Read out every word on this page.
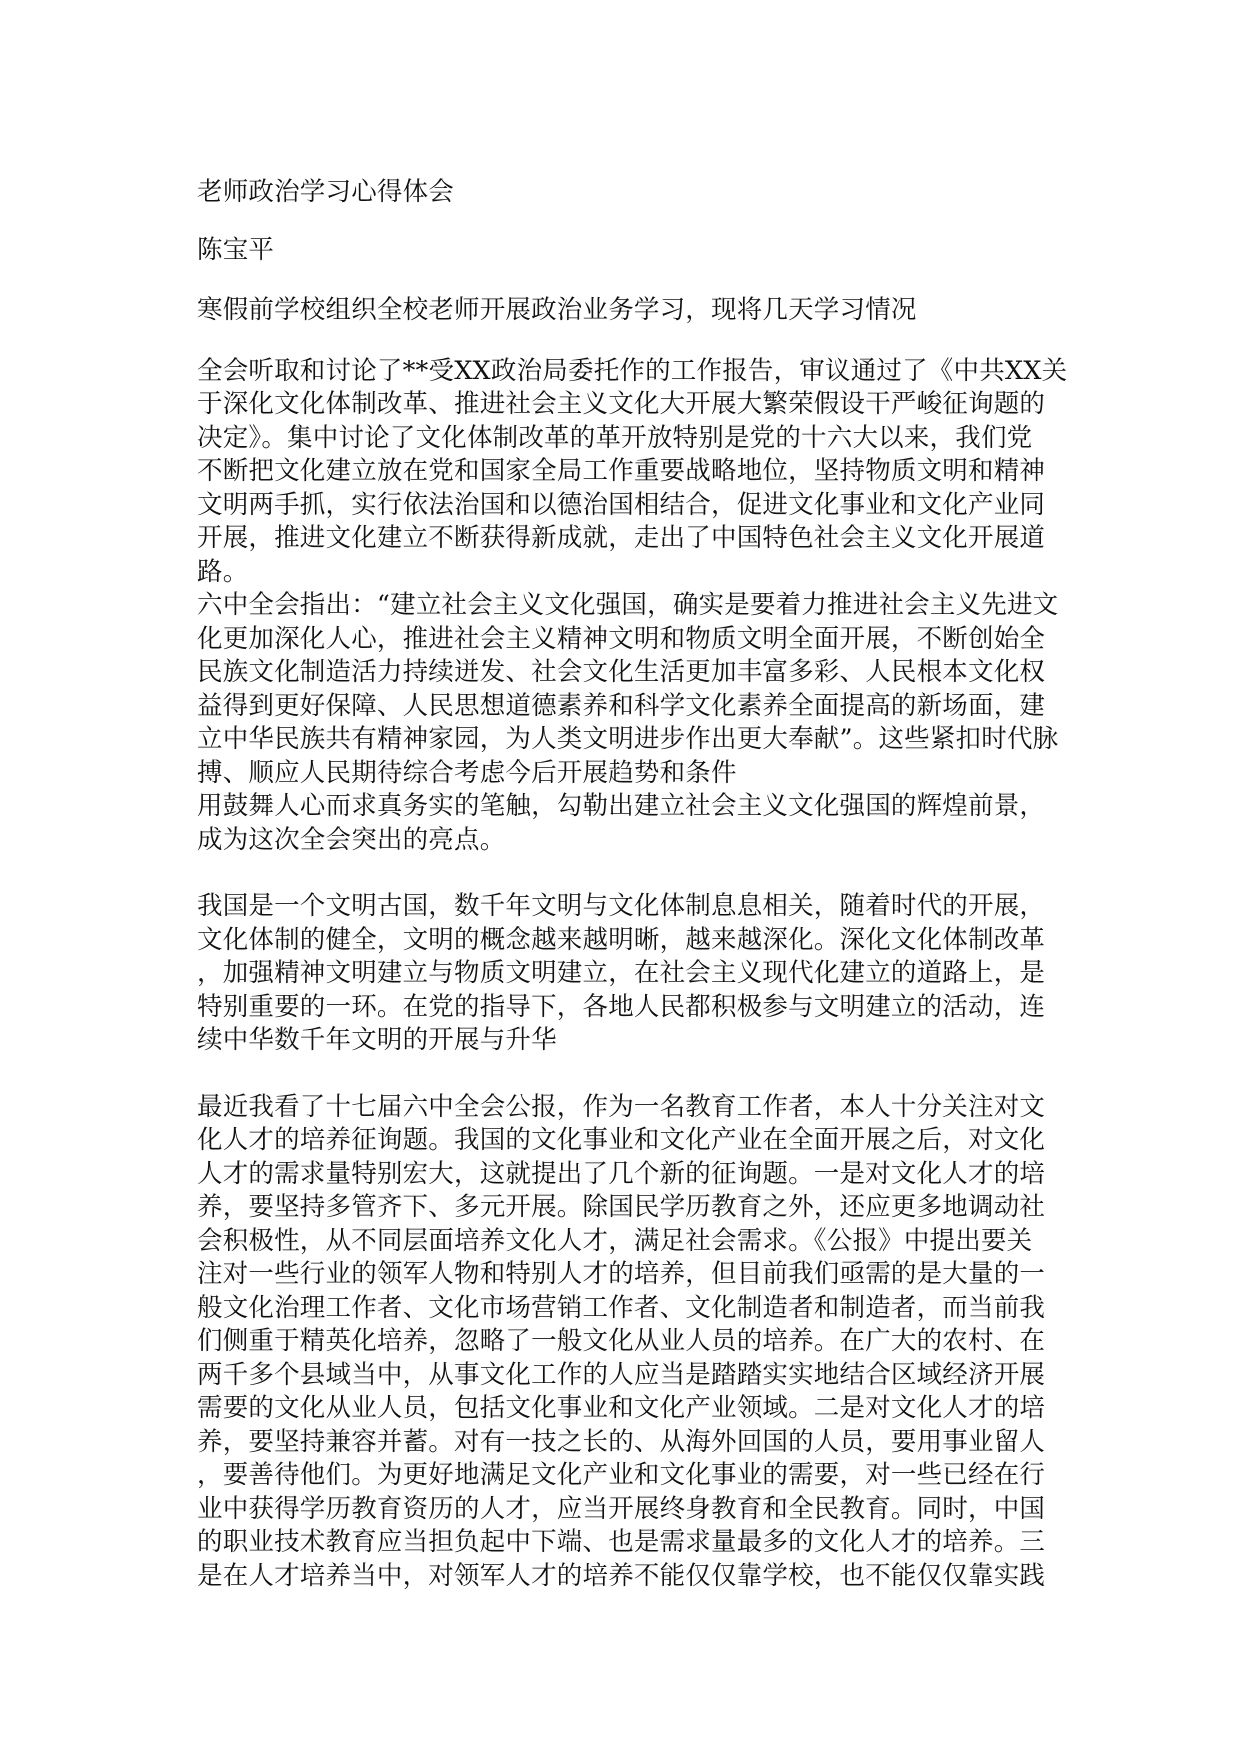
老师政治学习心得体会
陈宝平
寒假前学校组织全校老师开展政治业务学习，现将几天学习情况
全会听取和讨论了**受XX政治局委托作的工作报告，审议通过了《中共XX关
于深化文化体制改革、推进社会主义文化大开展大繁荣假设干严峻征询题的
决定》。集中讨论了文化体制改革的革开放特别是党的十六大以来，我们党
不断把文化建立放在党和国家全局工作重要战略地位，坚持物质文明和精神
文明两手抓，实行依法治国和以德治国相结合，促进文化事业和文化产业同
开展，推进文化建立不断获得新成就，走出了中国特色社会主义文化开展道
路。
六中全会指出：“建立社会主义文化强国，确实是要着力推进社会主义先进文
化更加深化人心，推进社会主义精神文明和物质文明全面开展，不断创始全
民族文化制造活力持续迸发、社会文化生活更加丰富多彩、人民根本文化权
益得到更好保障、人民思想道德素养和科学文化素养全面提高的新场面，建
立中华民族共有精神家园，为人类文明进步作出更大奉献”。这些紧扣时代脉
搏、顺应人民期待综合考虑今后开展趋势和条件
用鼓舞人心而求真务实的笔触，勾勒出建立社会主义文化强国的辉煌前景，
成为这次全会突出的亮点。
我国是一个文明古国，数千年文明与文化体制息息相关，随着时代的开展，
文化体制的健全，文明的概念越来越明晰，越来越深化。深化文化体制改革
，加强精神文明建立与物质文明建立，在社会主义现代化建立的道路上，是
特别重要的一环。在党的指导下，各地人民都积极参与文明建立的活动，连
续中华数千年文明的开展与升华
最近我看了十七届六中全会公报，作为一名教育工作者，本人十分关注对文
化人才的培养征询题。我国的文化事业和文化产业在全面开展之后，对文化
人才的需求量特别宏大，这就提出了几个新的征询题。一是对文化人才的培
养，要坚持多管齐下、多元开展。除国民学历教育之外，还应更多地调动社
会积极性，从不同层面培养文化人才，满足社会需求。《公报》中提出要关
注对一些行业的领军人物和特别人才的培养，但目前我们亟需的是大量的一
般文化治理工作者、文化市场营销工作者、文化制造者和制造者，而当前我
们侧重于精英化培养，忽略了一般文化从业人员的培养。在广大的农村、在
两千多个县域当中，从事文化工作的人应当是踏踏实实地结合区域经济开展
需要的文化从业人员，包括文化事业和文化产业领域。二是对文化人才的培
养，要坚持兼容并蓄。对有一技之长的、从海外回国的人员，要用事业留人
，要善待他们。为更好地满足文化产业和文化事业的需要，对一些已经在行
业中获得学历教育资历的人才，应当开展终身教育和全民教育。同时，中国
的职业技术教育应当担负起中下端、也是需求量最多的文化人才的培养。三
是在人才培养当中，对领军人才的培养不能仅仅靠学校，也不能仅仅靠实践
